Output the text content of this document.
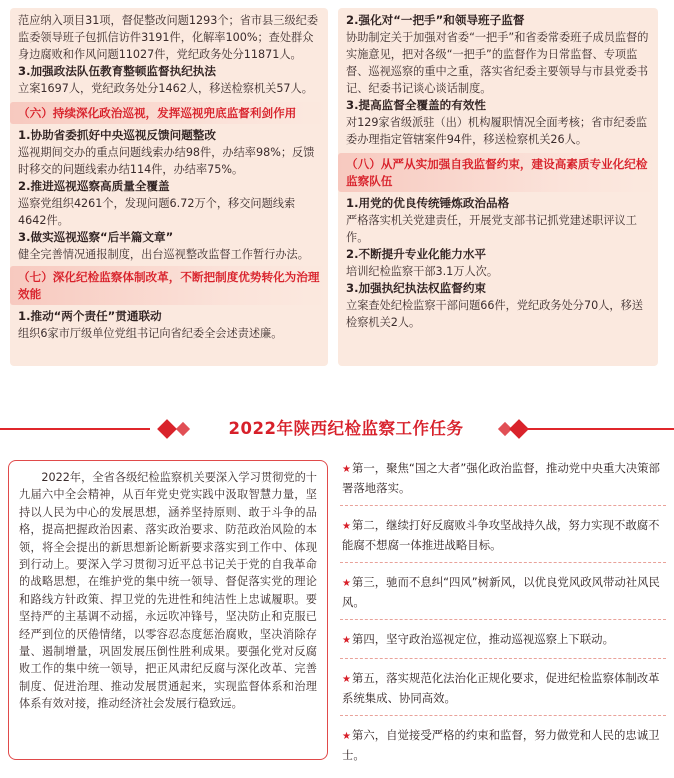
范应纳入项目31项，督促整改问题1293个；省市县三级纪委监委领导班子包抓信访件3191件，化解率100%；查处群众身边腐败和作风问题11027件，党纪政务处分11871人。

3.加强政法队伍教育整顿监督执纪执法

立案1697人，党纪政务处分1462人，移送检察机关57人。

（六）持续深化政治巡视，发挥巡视兜底监督利剑作用

1.协助省委抓好中央巡视反馈问题整改

巡视期间交办的重点问题线索办结98件，办结率98%；反馈时移交的问题线索办结114件，办结率75%。

2.推进巡视巡察高质量全覆盖

巡察党组织4261个，发现问题6.72万个，移交问题线索4642件。

3.做实巡视巡察“后半篇文章”

健全完善情况通报制度，出台巡视整改监督工作暂行办法。

（七）深化纪检监察体制改革，不断把制度优势转化为治理效能

1.推动“两个责任”贯通联动

组织6家市厅级单位党组书记向省纪委全会述责述廉。

2.强化对“一把手”和领导班子监督

协助制定关于加强对省委“一把手”和省委常委班子成员监督的实施意见，把对各级“一把手”的监督作为日常监督、专项监督、巡视巡察的重中之重，落实省纪委主要领导与市县党委书记、纪委书记谈心谈话制度。

3.提高监督全覆盖的有效性

对129家省级派驻（出）机构履职情况全面考核；省市纪委监委办理指定管辖案件94件，移送检察机关26人。

（八）从严从实加强自我监督约束，建设高素质专业化纪检监察队伍

1.用党的优良传统锤炼政治品格

严格落实机关党建责任，开展党支部书记抓党建述职评议工作。

2.不断提升专业化能力水平

培训纪检监察干部3.1万人次。

3.加强执纪执法权监督约束

立案查处纪检监察干部问题66件，党纪政务处分70人，移送检察机关2人。

2022年陕西纪检监察工作任务

2022年，全省各级纪检监察机关要深入学习贯彻党的十九届六中全会精神，从百年党史党实践中汲取智慧力量，坚持以人民为中心的发展思想，涵养坚持原则、敢于斗争的品格，提高把握政治因素、落实政治要求、防范政治风险的本领，将全会提出的新思想新论断新要求落实到工作中、体现到行动上。要深入学习贯彻习近平总书记关于党的自我革命的战略思想，在维护党的集中统一领导、督促落实党的理论和路线方针政策、捍卫党的先进性和纯洁性上忠诚履职。要坚持严的主基调不动摇，永远吹冲锋号，坚决防止和克服已经严到位的厌倦情绪，以零容忍态度惩治腐败，坚决消除存量、遏制增量，巩固发展压倒性胜利成果。要强化党对反腐败工作的集中统一领导，把正风肃纪反腐与深化改革、完善制度、促进治理、推动发展贯通起来，实现监督体系和治理体系有效对接，推动经济社会发展行稳致远。

★第一，聚焦“国之大者”强化政治监督，推动党中央重大决策部署落地落实。
★第二，继续打好反腐败斗争攻坚战持久战，努力实现不敢腐不能腐不想腐一体推进战略目标。
★第三，驰而不息纠“四风”树新风，以优良党风政风带动社风民风。
★第四，坚守政治巡视定位，推动巡视巡察上下联动。
★第五，落实规范化法治化正规化要求，促进纪检监察体制改革系统集成、协同高效。
★第六，自觉接受严格的约束和监督，努力做党和人民的忠诚卫士。
